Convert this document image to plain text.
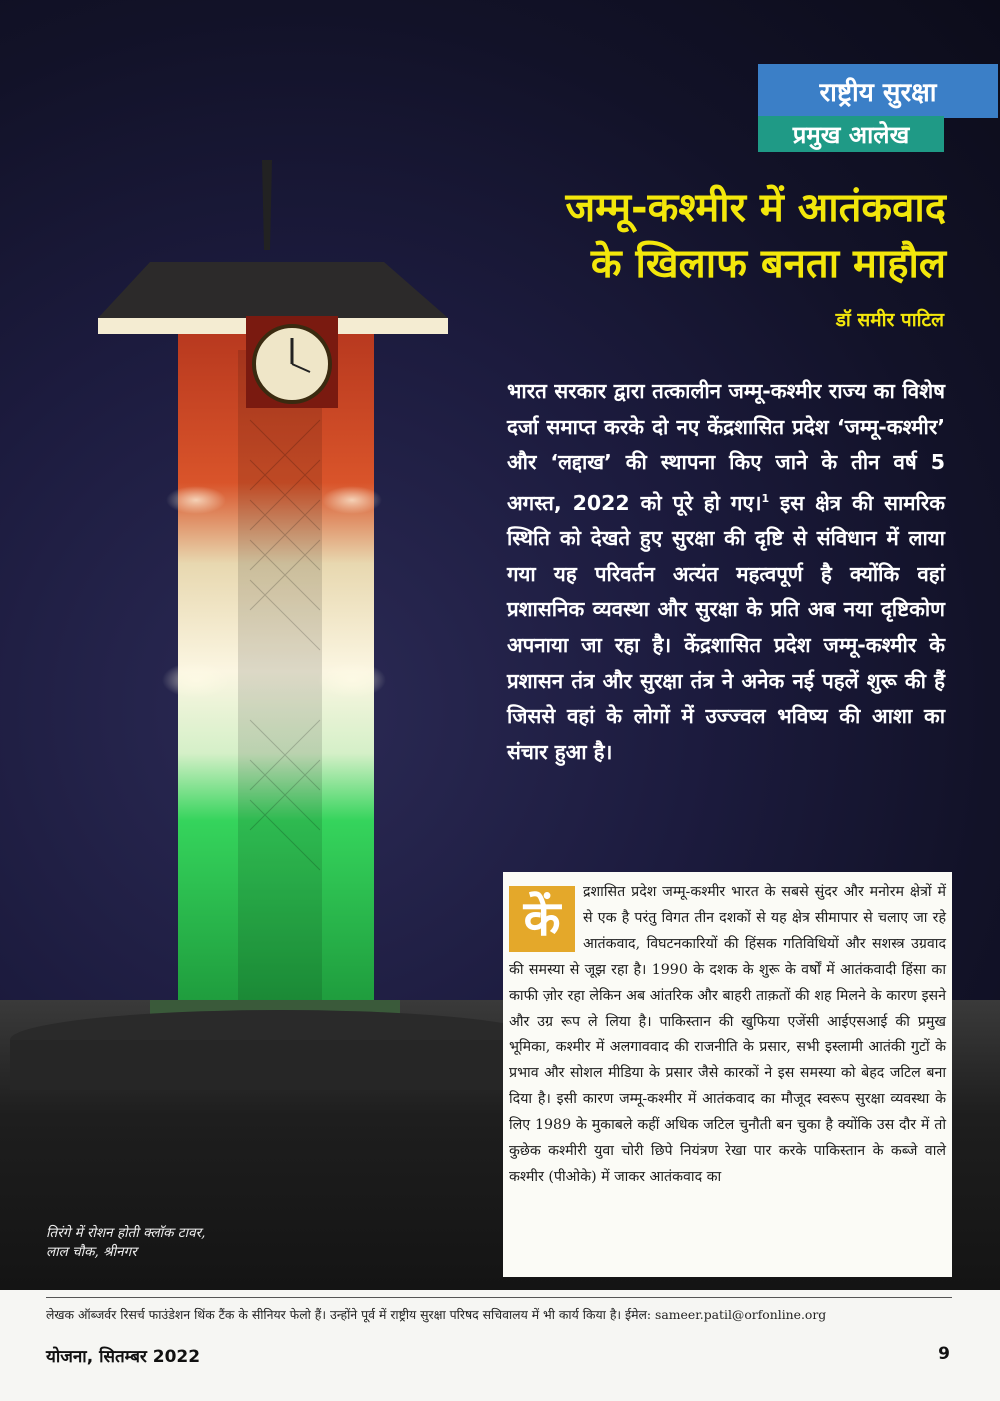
राष्ट्रीय सुरक्षा
प्रमुख आलेख
जम्मू-कश्मीर में आतंकवाद
के खिलाफ बनता माहौल
डॉ समीर पाटिल
भारत सरकार द्वारा तत्कालीन जम्मू-कश्मीर राज्य का विशेष दर्जा समाप्त करके दो नए केंद्रशासित प्रदेश ‘जम्मू-कश्मीर’ और ‘लद्दाख’ की स्थापना किए जाने के तीन वर्ष 5 अगस्त, 2022 को पूरे हो गए।$^1$ इस क्षेत्र की सामरिक स्थिति को देखते हुए सुरक्षा की दृष्टि से संविधान में लाया गया यह परिवर्तन अत्यंत महत्वपूर्ण है क्योंकि वहां प्रशासनिक व्यवस्था और सुरक्षा के प्रति अब नया दृष्टिकोण अपनाया जा रहा है। केंद्रशासित प्रदेश जम्मू-कश्मीर के प्रशासन तंत्र और सुरक्षा तंत्र ने अनेक नई पहलें शुरू की हैं जिससे वहां के लोगों में उज्ज्वल भविष्य की आशा का संचार हुआ है।
कें	द्रशासित प्रदेश जम्मू-कश्मीर भारत के सबसे सुंदर और मनोरम क्षेत्रों में से एक है परंतु विगत तीन दशकों से यह क्षेत्र सीमापार से चलाए जा रहे आतंकवाद, विघटनकारियों की हिंसक गतिविधियों और सशस्त्र उग्रवाद की समस्या से जूझ रहा है। 1990 के दशक के शुरू के वर्षों में आतंकवादी हिंसा का काफी ज़ोर रहा लेकिन अब आंतरिक और बाहरी ताक़तों की शह मिलने के कारण इसने और उग्र रूप ले लिया है। पाकिस्तान की खुफिया एजेंसी आईएसआई की प्रमुख भूमिका, कश्मीर में अलगाववाद की राजनीति के प्रसार, सभी इस्लामी आतंकी गुटों के प्रभाव और सोशल मीडिया के प्रसार जैसे कारकों ने इस समस्या को बेहद जटिल बना दिया है। इसी कारण जम्मू-कश्मीर में आतंकवाद का मौजूद स्वरूप सुरक्षा व्यवस्था के लिए 1989 के मुकाबले कहीं अधिक जटिल चुनौती बन चुका है क्योंकि उस दौर में तो कुछेक कश्मीरी युवा चोरी छिपे नियंत्रण रेखा पार करके पाकिस्तान के कब्जे वाले कश्मीर (पीओके) में जाकर आतंकवाद का
तिरंगे में रोशन होती क्लॉक टावर,
लाल चौक, श्रीनगर
लेखक ऑब्जर्वर रिसर्च फाउंडेशन थिंक टैंक के सीनियर फेलो हैं। उन्होंने पूर्व में राष्ट्रीय सुरक्षा परिषद सचिवालय में भी कार्य किया है। ईमेल: sameer.patil@orfonline.org
योजना, सितम्बर 2022	9
